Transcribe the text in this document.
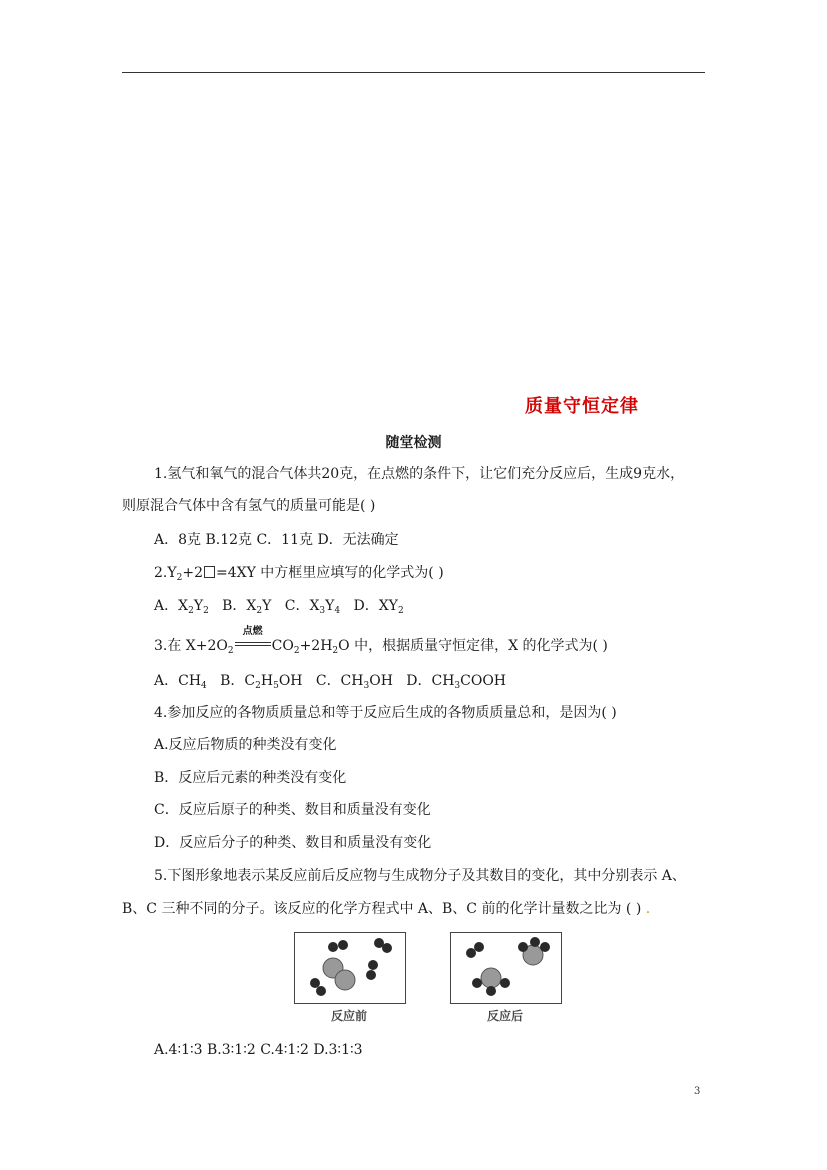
质量守恒定律
随堂检测
1.氢气和氧气的混合气体共20克，在点燃的条件下，让它们充分反应后，生成9克水，
则原混合气体中含有氢气的质量可能是( )
A．8克 B.12克 C．11克 D．无法确定
$2.Y_2+2 =4XY$ 中方框里应填写的化学式为( )
A．$X_2Y_2$   B．$X_2Y$   C．$X_3Y_4$   D．$XY_2$
3.在 $X+2O_2$
点燃
$CO_2+2H_2O$ 中，根据质量守恒定律，X 的化学式为( )
A．$CH_4$   B．$C_2H_5OH$   C．$CH_3OH$   D．$CH_3COOH$
4.参加反应的各物质质量总和等于反应后生成的各物质质量总和，是因为( )
A.反应后物质的种类没有变化
B．反应后元素的种类没有变化
C．反应后原子的种类、数目和质量没有变化
D．反应后分子的种类、数目和质量没有变化
5.下图形象地表示某反应前后反应物与生成物分子及其数目的变化，其中分别表示 A、
B、C 三种不同的分子。该反应的化学方程式中 A、B、C 前的化学计量数之比为 ( ) .
反应前	反应后
A.4∶1∶3 B.3∶1∶2 C.4∶1∶2 D.3∶1∶3
3
